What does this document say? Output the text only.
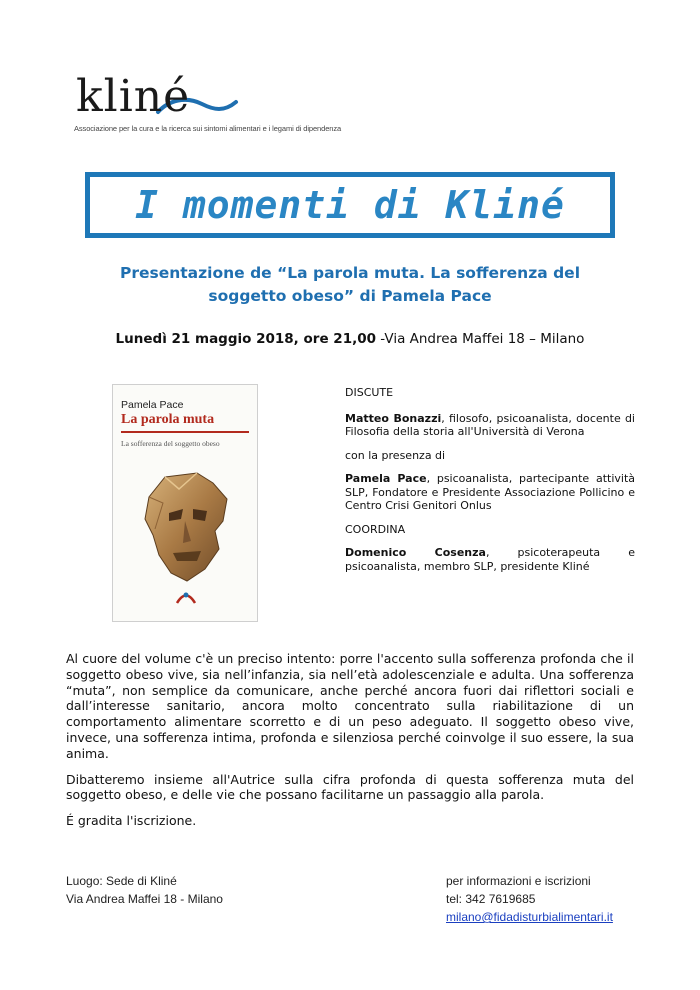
kliné
Associazione per la cura e la ricerca sui sintomi alimentari e i legami di dipendenza
I momenti di Kliné
Presentazione de “La parola muta. La sofferenza del
soggetto obeso” di Pamela Pace
Lunedì 21 maggio 2018, ore 21,00 -Via Andrea Maffei 18 – Milano
Pamela Pace
La parola muta
La sofferenza del soggetto obeso

DISCUTE

Matteo Bonazzi, filosofo, psicoanalista, docente di Filosofia della storia all'Università di Verona

con la presenza di

Pamela Pace, psicoanalista, partecipante attività SLP, Fondatore e Presidente Associazione Pollicino e Centro Crisi Genitori Onlus

COORDINA

Domenico Cosenza, psicoterapeuta e psicoanalista, membro SLP, presidente Kliné

Al cuore del volume c'è un preciso intento: porre l'accento sulla sofferenza profonda che il soggetto obeso vive, sia nell’infanzia, sia nell’età adolescenziale e adulta. Una sofferenza “muta”, non semplice da comunicare, anche perché ancora fuori dai riflettori sociali e dall’interesse sanitario, ancora molto concentrato sulla riabilitazione di un comportamento alimentare scorretto e di un peso adeguato. Il soggetto obeso vive, invece, una sofferenza intima, profonda e silenziosa perché coinvolge il suo essere, la sua anima.

Dibatteremo insieme all'Autrice sulla cifra profonda di questa sofferenza muta del soggetto obeso, e delle vie che possano facilitarne un passaggio alla parola.

É gradita l'iscrizione.

Luogo: Sede di Kliné
Via Andrea Maffei 18 - Milano
per informazioni e iscrizioni
tel: 342 7619685
milano@fidadisturbialimentari.it
